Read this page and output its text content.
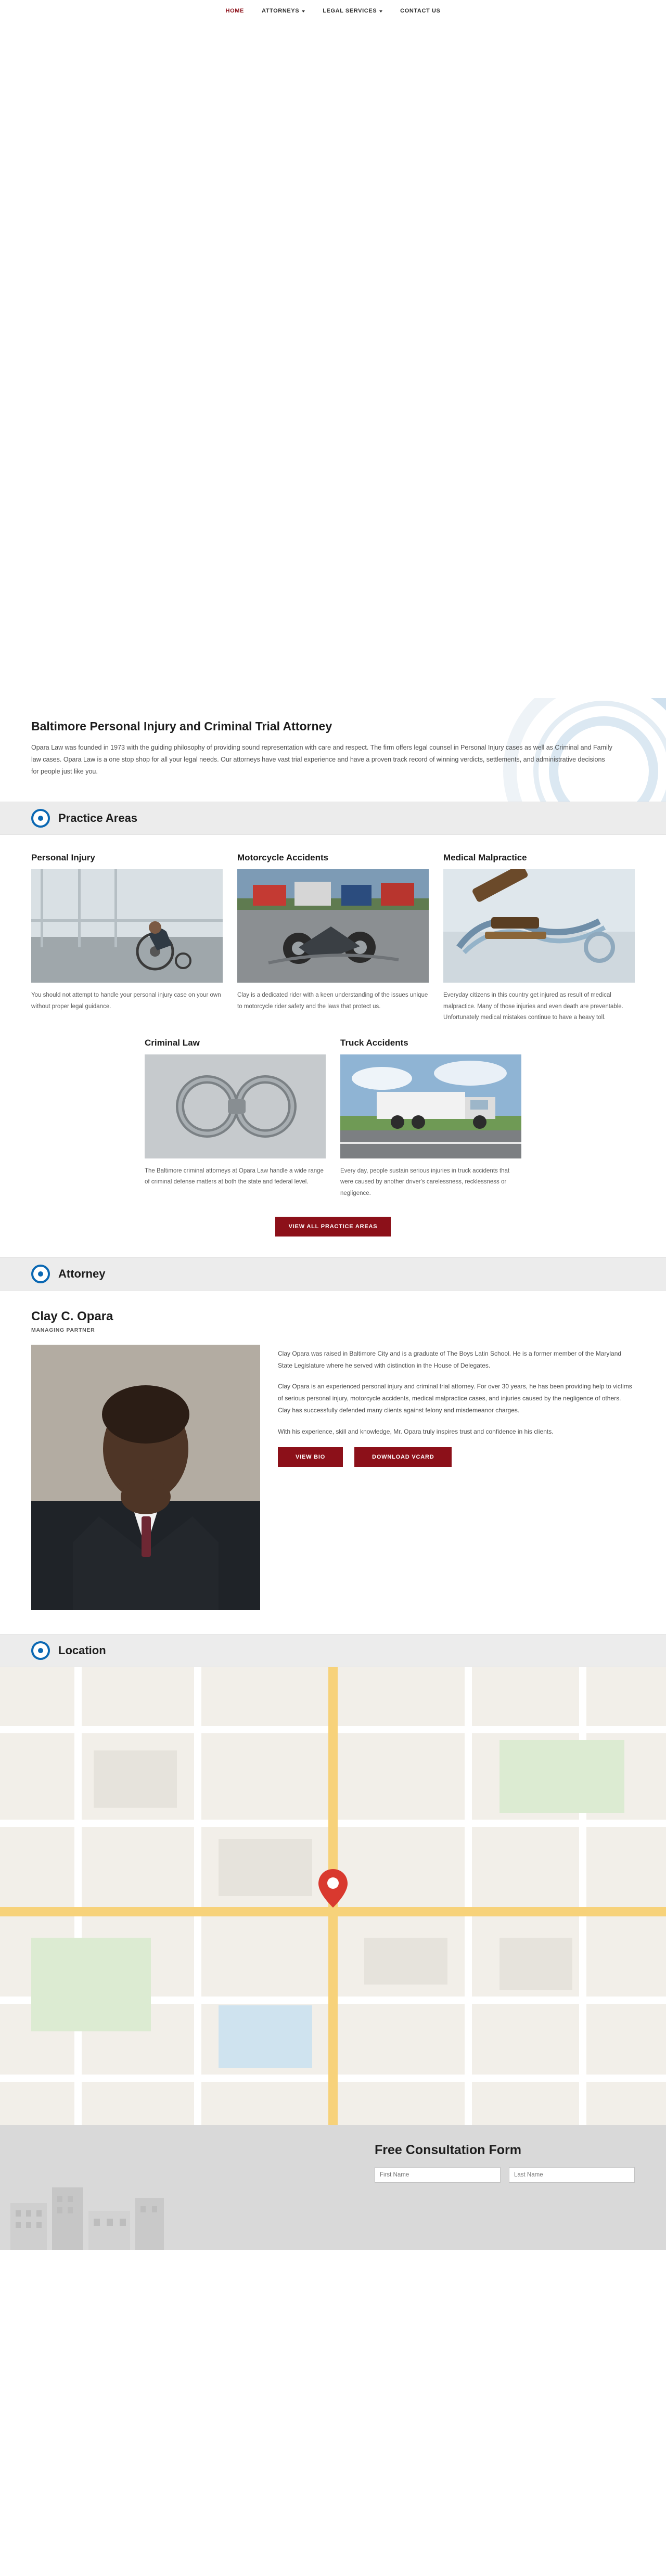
HOME	ATTORNEYS	LEGAL SERVICES	CONTACT US
Baltimore Personal Injury and Criminal Trial Attorney

Opara Law was founded in 1973 with the guiding philosophy of providing sound representation with care and respect. The firm offers legal counsel in Personal Injury cases as well as Criminal and Family law cases. Opara Law is a one stop shop for all your legal needs. Our attorneys have vast trial experience and have a proven track record of winning verdicts, settlements, and administrative decisions for people just like you.

Practice Areas
Personal Injury

You should not attempt to handle your personal injury case on your own without proper legal guidance.

Motorcycle Accidents

Clay is a dedicated rider with a keen understanding of the issues unique to motorcycle rider safety and the laws that protect us.

Medical Malpractice

Everyday citizens in this country get injured as result of medical malpractice. Many of those injuries and even death are preventable. Unfortunately medical mistakes continue to have a heavy toll.

Criminal Law

The Baltimore criminal attorneys at Opara Law handle a wide range of criminal defense matters at both the state and federal level.

Truck Accidents

Every day, people sustain serious injuries in truck accidents that were caused by another driver's carelessness, recklessness or negligence.

VIEW ALL PRACTICE AREAS
Attorney
Clay C. Opara

MANAGING PARTNER

Clay Opara was raised in Baltimore City and is a graduate of The Boys Latin School. He is a former member of the Maryland State Legislature where he served with distinction in the House of Delegates.

Clay Opara is an experienced personal injury and criminal trial attorney. For over 30 years, he has been providing help to victims of serious personal injury, motorcycle accidents, medical malpractice cases, and injuries caused by the negligence of others. Clay has successfully defended many clients against felony and misdemeanor charges.

With his experience, skill and knowledge, Mr. Opara truly inspires trust and confidence in his clients.

VIEW BIO	DOWNLOAD VCARD
Location
Free Consultation Form
First Name
Last Name
